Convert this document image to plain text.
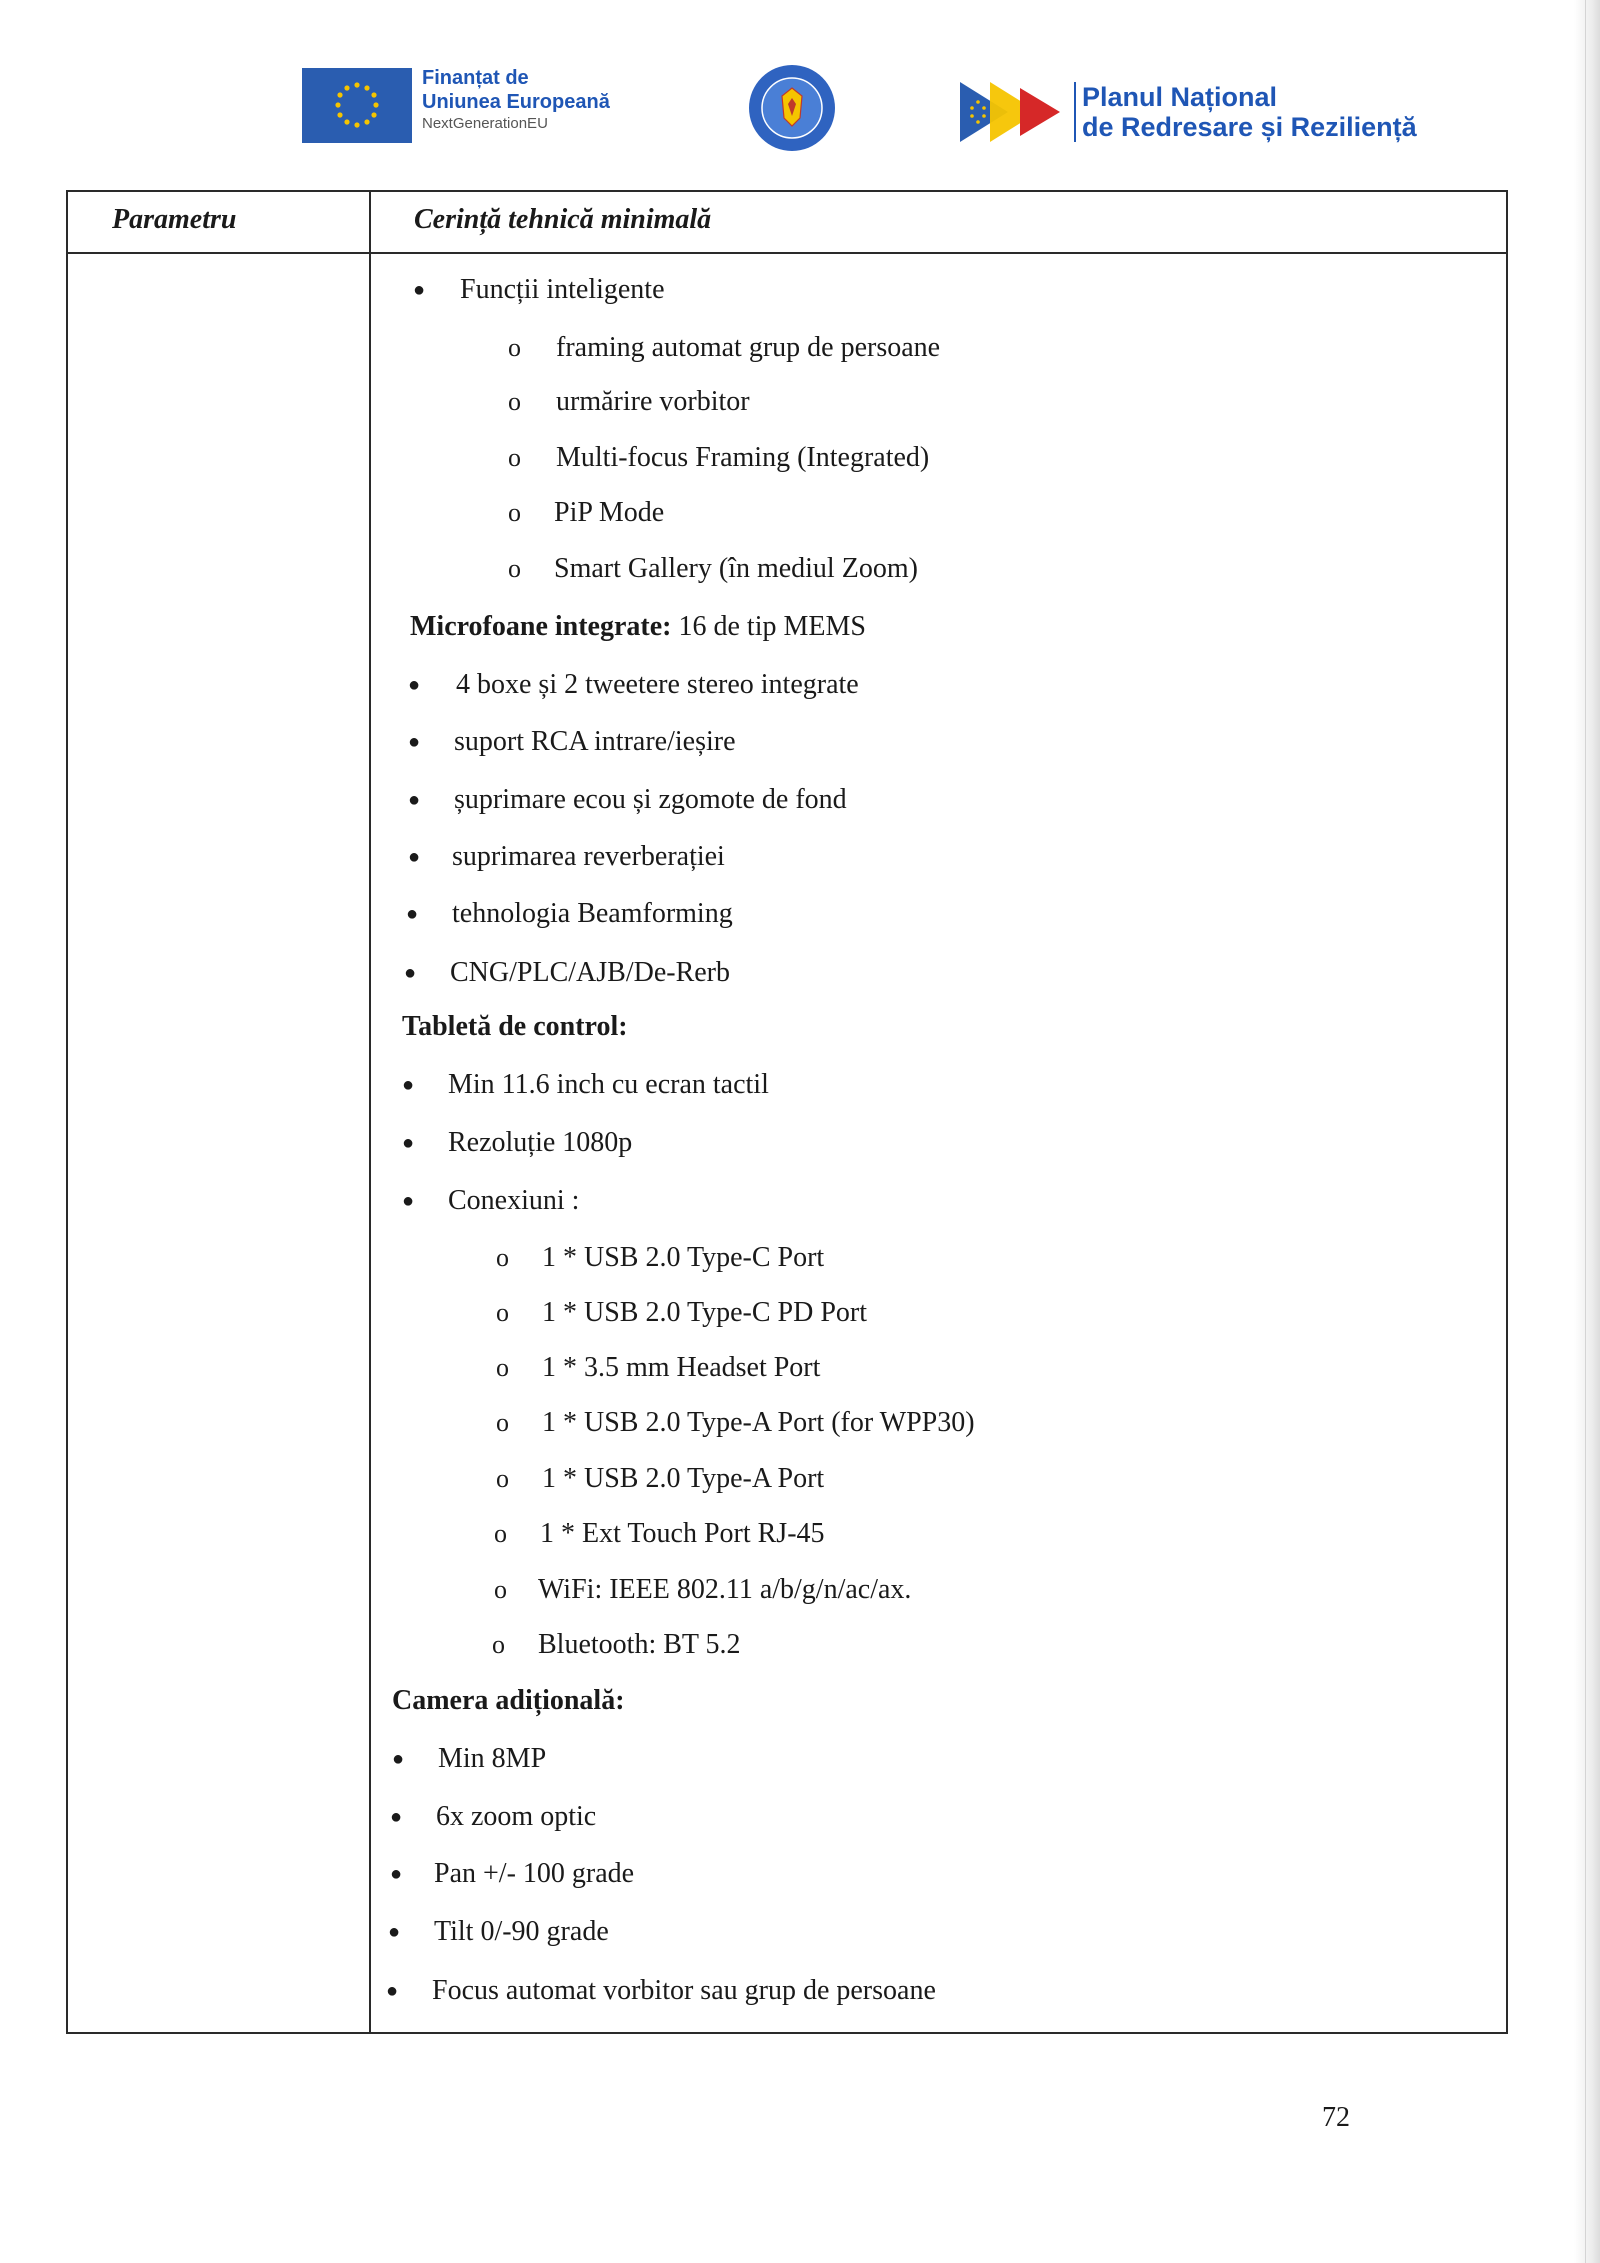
Finanțat de
Uniunea Europeană
NextGenerationEU
Planul Național
de Redresare și Reziliență
Parametru	Cerință tehnică minimală
● Funcții inteligente
o framing automat grup de persoane
o urmărire vorbitor
o Multi-focus Framing (Integrated)
o PiP Mode
o Smart Gallery (în mediul Zoom)
Microfoane integrate: 16 de tip MEMS
● 4 boxe și 2 tweetere stereo integrate
● suport RCA intrare/ieșire
● șuprimare ecou și zgomote de fond
● suprimarea reverberației
● tehnologia Beamforming
● CNG/PLC/AJB/De-Rerb
Tabletă de control:
● Min 11.6 inch cu ecran tactil
● Rezoluție 1080p
● Conexiuni :
o 1 * USB 2.0 Type-C Port
o 1 * USB 2.0 Type-C PD Port
o 1 * 3.5 mm Headset Port
o 1 * USB 2.0 Type-A Port (for WPP30)
o 1 * USB 2.0 Type-A Port
o 1 * Ext Touch Port RJ-45
o WiFi: IEEE 802.11 a/b/g/n/ac/ax.
o Bluetooth: BT 5.2
Camera adițională:
● Min 8MP
● 6x zoom optic
● Pan +/- 100 grade
● Tilt 0/-90 grade
● Focus automat vorbitor sau grup de persoane
72
